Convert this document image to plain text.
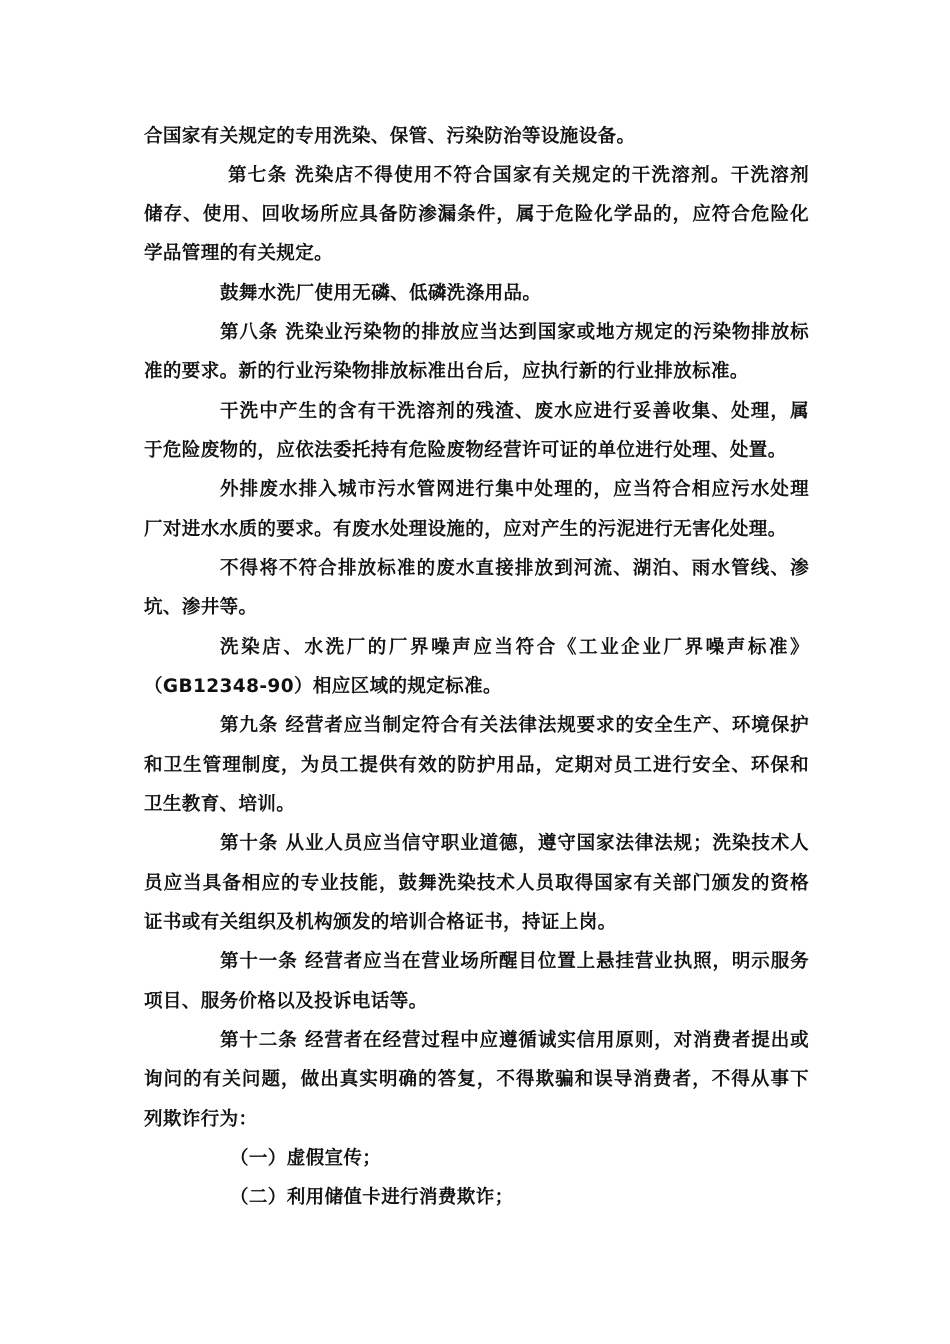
合国家有关规定的专用洗染、保管、污染防治等设施设备。
第七条 洗染店不得使用不符合国家有关规定的干洗溶剂。干洗溶剂
储存、使用、回收场所应具备防渗漏条件，属于危险化学品的，应符合危险化
学品管理的有关规定。
鼓舞水洗厂使用无磷、低磷洗涤用品。
第八条 洗染业污染物的排放应当达到国家或地方规定的污染物排放标
准的要求。新的行业污染物排放标准出台后，应执行新的行业排放标准。
干洗中产生的含有干洗溶剂的残渣、废水应进行妥善收集、处理，属
于危险废物的，应依法委托持有危险废物经营许可证的单位进行处理、处置。
外排废水排入城市污水管网进行集中处理的，应当符合相应污水处理
厂对进水水质的要求。有废水处理设施的，应对产生的污泥进行无害化处理。
不得将不符合排放标准的废水直接排放到河流、湖泊、雨水管线、渗
坑、渗井等。
洗染店、水洗厂的厂界噪声应当符合《工业企业厂界噪声标准》
（GB12348-90）相应区域的规定标准。
第九条 经营者应当制定符合有关法律法规要求的安全生产、环境保护
和卫生管理制度，为员工提供有效的防护用品，定期对员工进行安全、环保和
卫生教育、培训。
第十条 从业人员应当信守职业道德，遵守国家法律法规；洗染技术人
员应当具备相应的专业技能，鼓舞洗染技术人员取得国家有关部门颁发的资格
证书或有关组织及机构颁发的培训合格证书，持证上岗。
第十一条 经营者应当在营业场所醒目位置上悬挂营业执照，明示服务
项目、服务价格以及投诉电话等。
第十二条 经营者在经营过程中应遵循诚实信用原则，对消费者提出或
询问的有关问题，做出真实明确的答复，不得欺骗和误导消费者，不得从事下
列欺诈行为：
（一）虚假宣传；
（二）利用储值卡进行消费欺诈；
